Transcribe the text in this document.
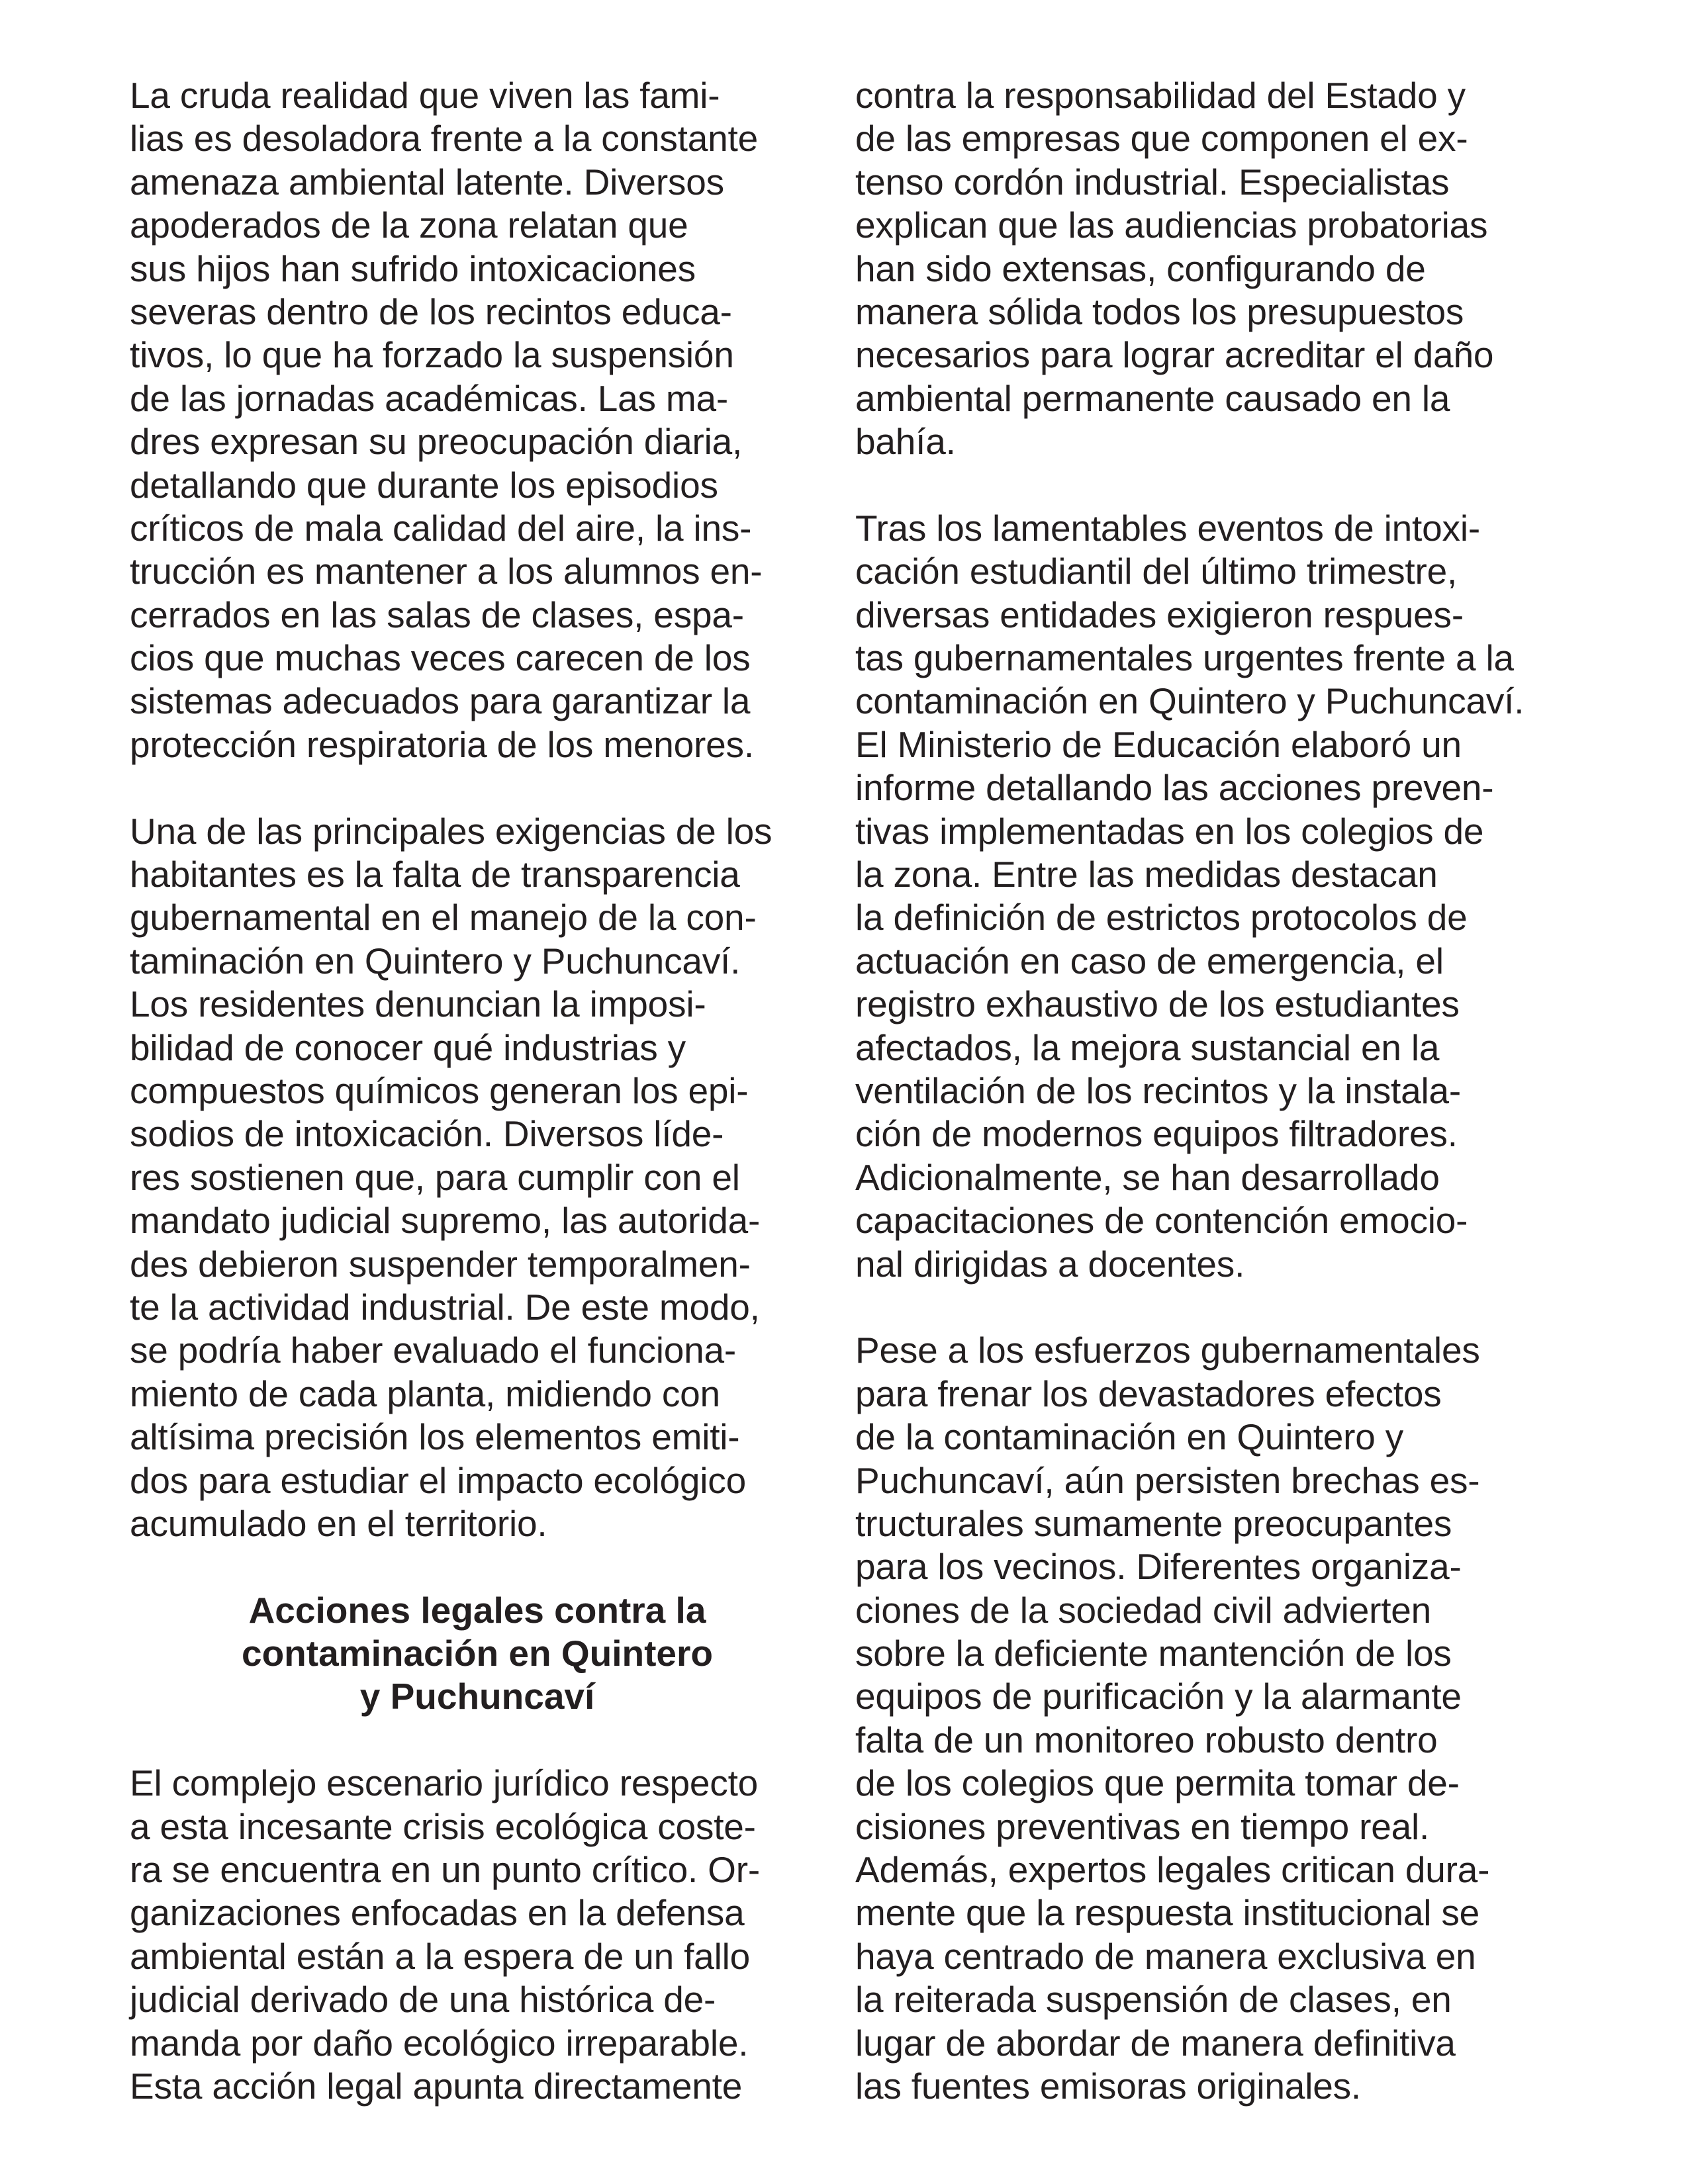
La cruda realidad que viven las fami-
lias es desoladora frente a la constante
amenaza ambiental latente. Diversos
apoderados de la zona relatan que
sus hijos han sufrido intoxicaciones
severas dentro de los recintos educa-
tivos, lo que ha forzado la suspensión
de las jornadas académicas. Las ma-
dres expresan su preocupación diaria,
detallando que durante los episodios
críticos de mala calidad del aire, la ins-
trucción es mantener a los alumnos en-
cerrados en las salas de clases, espa-
cios que muchas veces carecen de los
sistemas adecuados para garantizar la
protección respiratoria de los menores.
Una de las principales exigencias de los
habitantes es la falta de transparencia
gubernamental en el manejo de la con-
taminación en Quintero y Puchuncaví.
Los residentes denuncian la imposi-
bilidad de conocer qué industrias y
compuestos químicos generan los epi-
sodios de intoxicación. Diversos líde-
res sostienen que, para cumplir con el
mandato judicial supremo, las autorida-
des debieron suspender temporalmen-
te la actividad industrial. De este modo,
se podría haber evaluado el funciona-
miento de cada planta, midiendo con
altísima precisión los elementos emiti-
dos para estudiar el impacto ecológico
acumulado en el territorio.
Acciones legales contra la
contaminación en Quintero
y Puchuncaví
El complejo escenario jurídico respecto
a esta incesante crisis ecológica coste-
ra se encuentra en un punto crítico. Or-
ganizaciones enfocadas en la defensa
ambiental están a la espera de un fallo
judicial derivado de una histórica de-
manda por daño ecológico irreparable.
Esta acción legal apunta directamente
contra la responsabilidad del Estado y
de las empresas que componen el ex-
tenso cordón industrial. Especialistas
explican que las audiencias probatorias
han sido extensas, configurando de
manera sólida todos los presupuestos
necesarios para lograr acreditar el daño
ambiental permanente causado en la
bahía.
Tras los lamentables eventos de intoxi-
cación estudiantil del último trimestre,
diversas entidades exigieron respues-
tas gubernamentales urgentes frente a la
contaminación en Quintero y Puchuncaví.
El Ministerio de Educación elaboró un
informe detallando las acciones preven-
tivas implementadas en los colegios de
la zona. Entre las medidas destacan
la definición de estrictos protocolos de
actuación en caso de emergencia, el
registro exhaustivo de los estudiantes
afectados, la mejora sustancial en la
ventilación de los recintos y la instala-
ción de modernos equipos filtradores.
Adicionalmente, se han desarrollado
capacitaciones de contención emocio-
nal dirigidas a docentes.
Pese a los esfuerzos gubernamentales
para frenar los devastadores efectos
de la contaminación en Quintero y
Puchuncaví, aún persisten brechas es-
tructurales sumamente preocupantes
para los vecinos. Diferentes organiza-
ciones de la sociedad civil advierten
sobre la deficiente mantención de los
equipos de purificación y la alarmante
falta de un monitoreo robusto dentro
de los colegios que permita tomar de-
cisiones preventivas en tiempo real.
Además, expertos legales critican dura-
mente que la respuesta institucional se
haya centrado de manera exclusiva en
la reiterada suspensión de clases, en
lugar de abordar de manera definitiva
las fuentes emisoras originales.
